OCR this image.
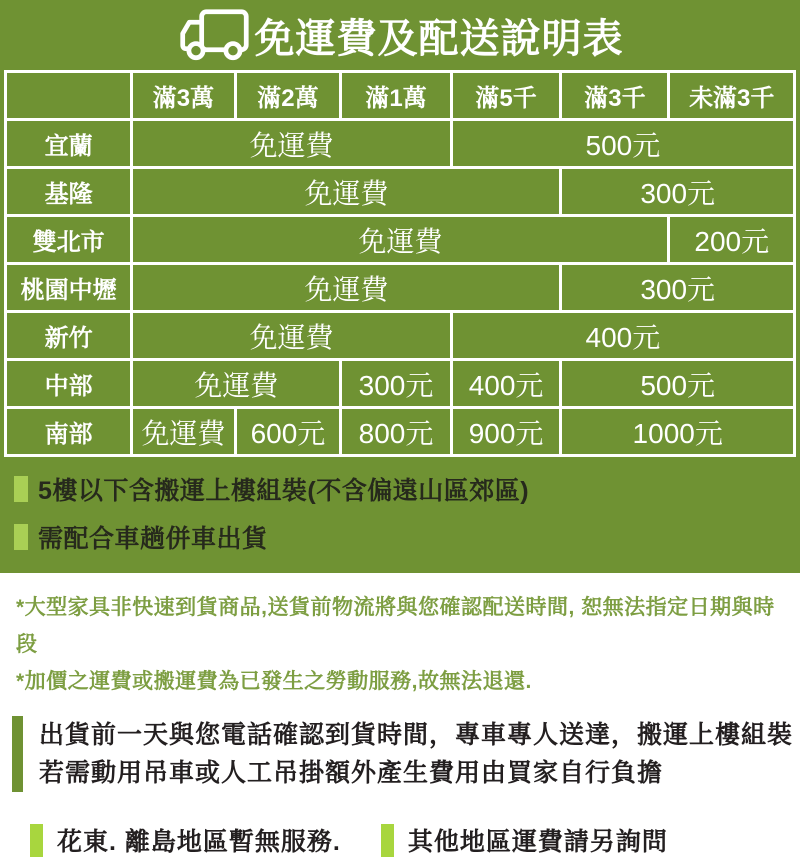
免運費及配送說明表
	滿3萬	滿2萬	滿1萬	滿5千	滿3千	未滿3千
宜蘭	免運費			500元		
基隆	免運費				300元	
雙北市	免運費					200元
桃園中壢	免運費				300元	
新竹	免運費			400元		
中部	免運費		300元	400元	500元	
南部	免運費	600元	800元	900元	1000元	
5樓以下含搬運上樓組裝(不含偏遠山區郊區)
需配合車趟併車出貨
*大型家具非快速到貨商品,送貨前物流將與您確認配送時間, 恕無法指定日期與時段
*加價之運費或搬運費為已發生之勞動服務,故無法退還.
出貨前一天與您電話確認到貨時間，專車專人送達，搬運上樓組裝
若需動用吊車或人工吊掛額外產生費用由買家自行負擔
花東. 離島地區暫無服務.	其他地區運費請另詢問
